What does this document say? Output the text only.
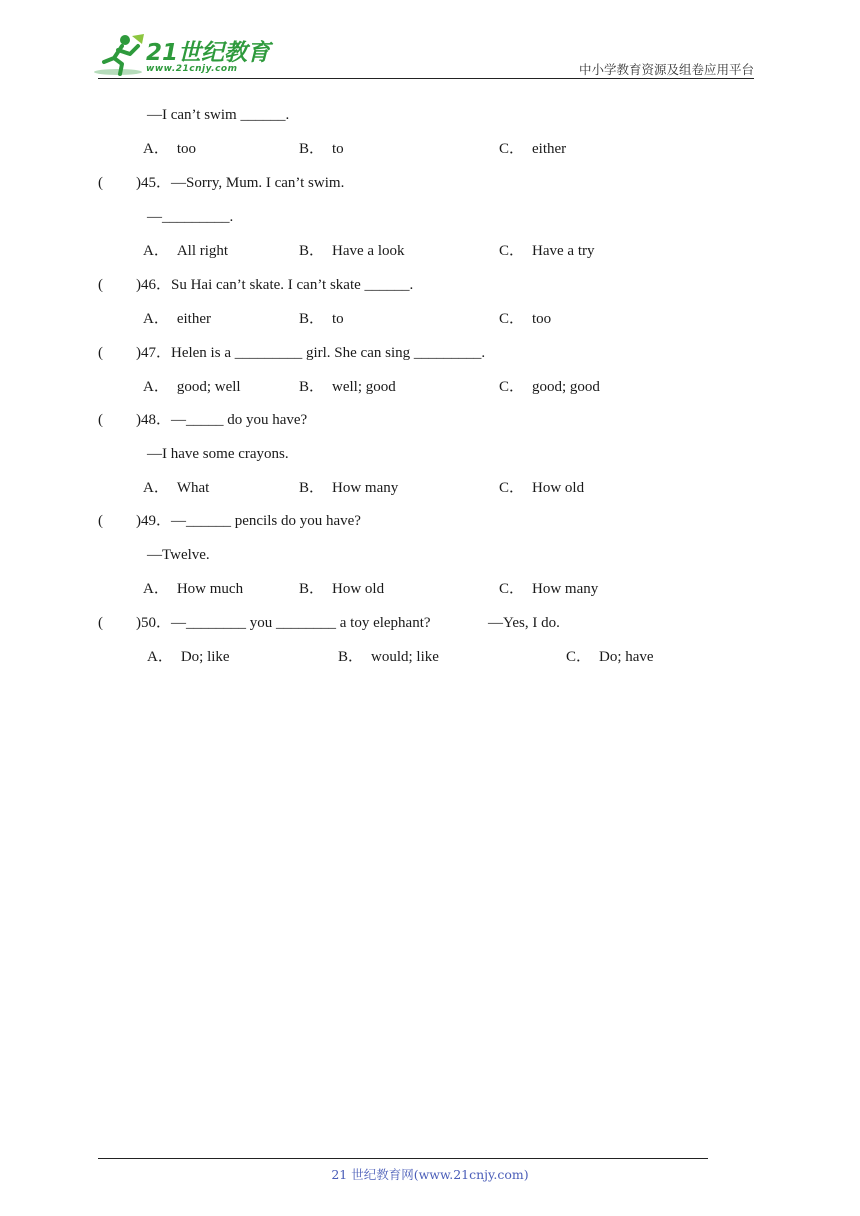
21世纪教育
www.21cnjy.com	中小学教育资源及组卷应用平台
—I can’t swim ______.
A． too	B． to	C． either
( )45．—Sorry, Mum. I can’t swim.
—_________.
A． All right	B． Have a look	C． Have a try
( )46．Su Hai can’t skate. I can’t skate ______.
A． either	B． to	C． too
( )47．Helen is a _________ girl. She can sing _________.
A． good; well	B． well; good	C． good; good
( )48．—_____ do you have?
—I have some crayons.
A． What	B． How many	C． How old
( )49．—______ pencils do you have?
—Twelve.
A． How much	B． How old	C． How many
( )50．—________ you ________ a toy elephant?	—Yes, I do.
A． Do; like	B． would; like	C． Do; have
21 世纪教育网(www.21cnjy.com)
